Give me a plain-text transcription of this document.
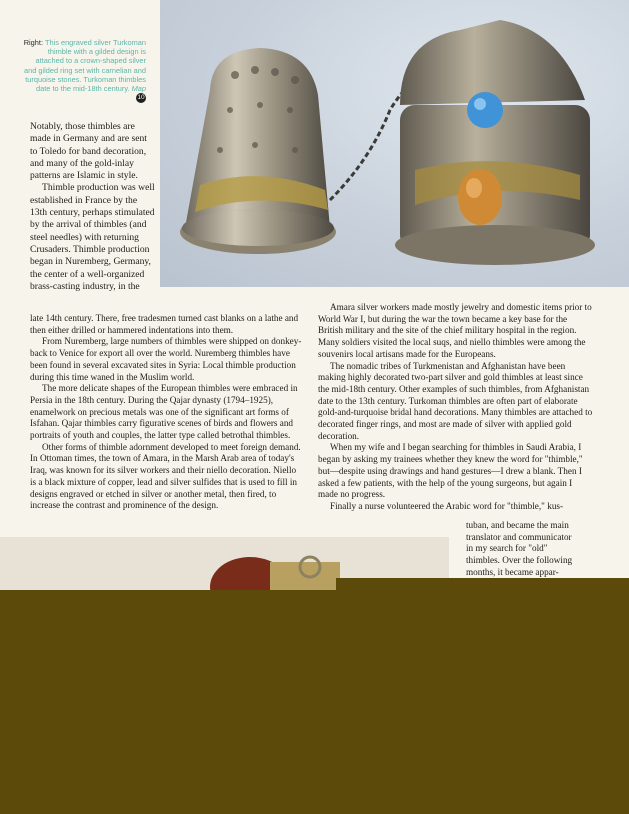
Right: This engraved silver Turkoman thimble with a gilded design is attached to a crown-shaped silver and gilded ring set with carnelian and turquoise stones. Turkoman thimbles date to the mid-18th century. Map 10

Notably, those thimbles are made in Germany and are sent to Toledo for band decoration, and many of the gold-inlay patterns are Islamic in style.

Thimble production was well established in France by the 13th century, perhaps stimulated by the arrival of thimbles (and steel needles) with returning Crusaders. Thimble production began in Nuremberg, Germany, the center of a well-organized brass-casting industry, in the

late 14th century. There, free tradesmen turned cast blanks on a lathe and then either drilled or hammered indentations into them.

From Nuremberg, large numbers of thimbles were shipped on donkey-back to Venice for export all over the world. Nuremberg thimbles have been found in several excavated sites in Syria: Local thimble production during this time waned in the Muslim world.

The more delicate shapes of the European thimbles were embraced in Persia in the 18th century. During the Qajar dynasty (1794–1925), enamelwork on precious metals was one of the significant art forms of Isfahan. Qajar thimbles carry figurative scenes of birds and flowers and portraits of youth and couples, the latter type called betrothal thimbles.

Other forms of thimble adornment developed to meet foreign demand. In Ottoman times, the town of Amara, in the Marsh Arab area of today's Iraq, was known for its silver workers and their niello decoration. Niello is a black mixture of copper, lead and silver sulfides that is used to fill in designs engraved or etched in silver or another metal, then fired, to increase the contrast and prominence of the design.

Amara silver workers made mostly jewelry and domestic items prior to World War I, but during the war the town became a key base for the British military and the site of the chief military hospital in the region. Many soldiers visited the local suqs, and niello thimbles were among the souvenirs local artisans made for the Europeans.

The nomadic tribes of Turkmenistan and Afghanistan have been making highly decorated two-part silver and gold thimbles at least since the mid-18th century. Other examples of such thimbles, from Afghanistan date to the 13th century. Turkoman thimbles are often part of elaborate gold-and-turquoise bridal hand decorations. Many thimbles are attached to decorated finger rings, and most are made of silver with applied gold decoration.

When my wife and I began searching for thimbles in Saudi Arabia, I began by asking my trainees whether they knew the word for "thimble," but—despite using drawings and hand gestures—I drew a blank. Then I asked a few patients, with the help of the young surgeons, but again I made no progress.

Finally a nurse volunteered the Arabic word for "thimble," kus-

tuban, and became the main translator and communicator in my search for "old" thimbles. Over the following months, it became appar-
